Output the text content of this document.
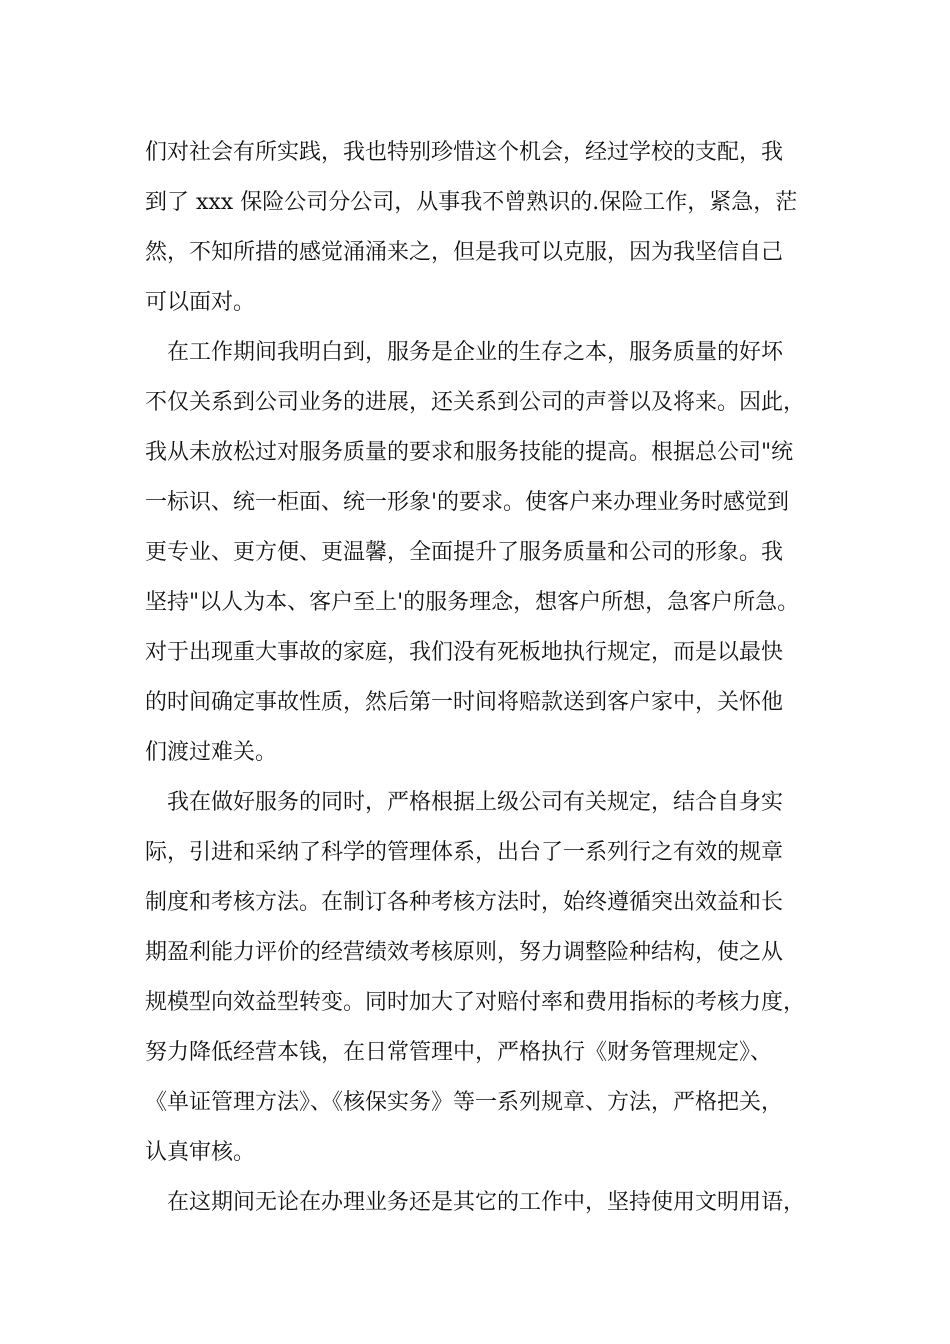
们对社会有所实践，我也特别珍惜这个机会，经过学校的支配，我

到了 xxx 保险公司分公司，从事我不曾熟识的.保险工作，紧急，茫

然，不知所措的感觉涌涌来之，但是我可以克服，因为我坚信自己

可以面对。

在工作期间我明白到，服务是企业的生存之本，服务质量的好坏

不仅关系到公司业务的进展，还关系到公司的声誉以及将来。因此，

我从未放松过对服务质量的要求和服务技能的提高。根据总公司"统

一标识、统一柜面、统一形象'的要求。使客户来办理业务时感觉到

更专业、更方便、更温馨，全面提升了服务质量和公司的形象。我

坚持"以人为本、客户至上'的服务理念，想客户所想，急客户所急。

对于出现重大事故的家庭，我们没有死板地执行规定，而是以最快

的时间确定事故性质，然后第一时间将赔款送到客户家中，关怀他

们渡过难关。

我在做好服务的同时，严格根据上级公司有关规定，结合自身实

际，引进和采纳了科学的管理体系，出台了一系列行之有效的规章

制度和考核方法。在制订各种考核方法时，始终遵循突出效益和长

期盈利能力评价的经营绩效考核原则，努力调整险种结构，使之从

规模型向效益型转变。同时加大了对赔付率和费用指标的考核力度，

努力降低经营本钱，在日常管理中，严格执行《财务管理规定》、

《单证管理方法》、《核保实务》等一系列规章、方法，严格把关，

认真审核。

在这期间无论在办理业务还是其它的工作中，坚持使用文明用语，
